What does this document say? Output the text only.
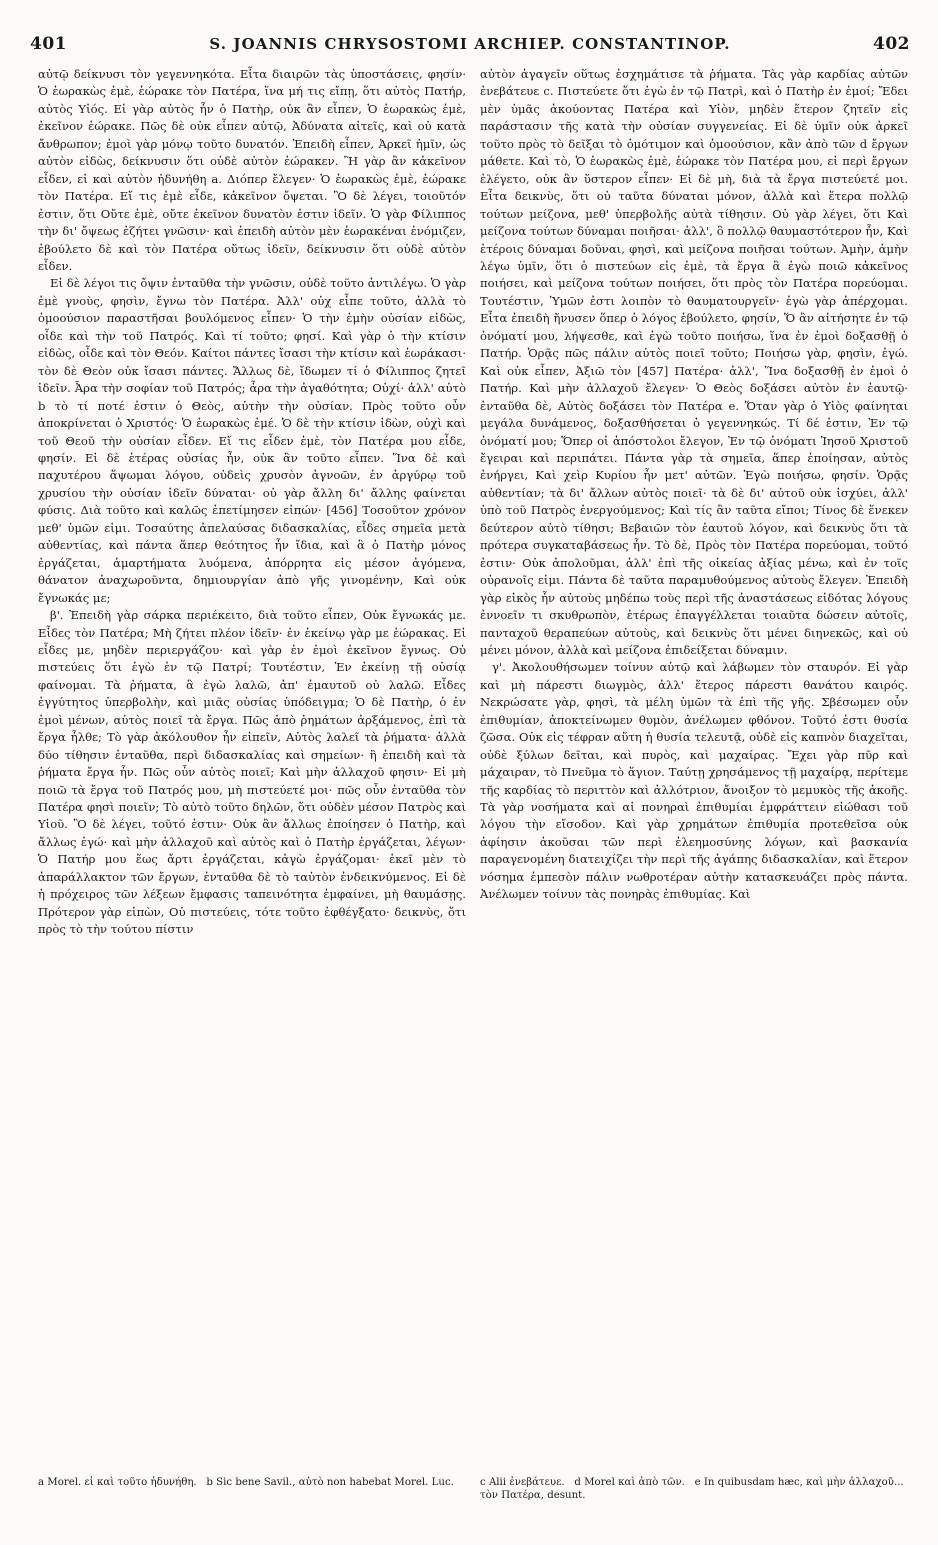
401	S. JOANNIS CHRYSOSTOMI ARCHIEP. CONSTANTINOP.	402

αὐτῷ δείκνυσι τὸν γεγεννηκότα. Εἶτα διαιρῶν τὰς ὑποστάσεις, φησίν· Ὁ ἑωρακὼς ἐμὲ, ἑώρακε τὸν Πατέρα, ἵνα μή τις εἴπῃ, ὅτι αὐτὸς Πατήρ, αὐτὸς Υἱός. Εἰ γὰρ αὐτὸς ἦν ὁ Πατὴρ, οὐκ ἂν εἶπεν, Ὁ ἑωρακὼς ἐμὲ, ἐκεῖνον ἑώρακε. Πῶς δὲ οὐκ εἶπεν αὐτῷ, Ἀδύνατα αἰτεῖς, καὶ οὐ κατὰ ἄνθρωπον; ἐμοὶ γὰρ μόνῳ τοῦτο δυνατόν. Ἐπειδὴ εἶπεν, Ἀρκεῖ ἡμῖν, ὡς αὐτὸν εἰδὼς, δείκνυσιν ὅτι οὐδὲ αὐτὸν ἑώρακεν. Ἢ γὰρ ἂν κἀκεῖνον εἶδεν, εἰ καὶ αὐτὸν ἠδυνήθη a. Διόπερ ἔλεγεν· Ὁ ἑωρακὼς ἐμὲ, ἑώρακε τὸν Πατέρα. Εἴ τις ἐμὲ εἶδε, κἀκεῖνον ὄψεται. Ὃ δὲ λέγει, τοιοῦτόν ἐστιν, ὅτι Οὔτε ἐμὲ, οὔτε ἐκεῖνον δυνατὸν ἐστιν ἰδεῖν. Ὁ γὰρ Φίλιππος τὴν δι' ὄψεως ἐζήτει γνῶσιν· καὶ ἐπειδὴ αὐτὸν μὲν ἑωρακέναι ἐνόμιζεν, ἐβούλετο δὲ καὶ τὸν Πατέρα οὕτως ἰδεῖν, δείκνυσιν ὅτι οὐδὲ αὐτὸν εἶδεν.

Εἰ δὲ λέγοι τις ὄψιν ἐνταῦθα τὴν γνῶσιν, οὐδὲ τοῦτο ἀντιλέγω. Ὁ γὰρ ἐμὲ γνοὺς, φησὶν, ἔγνω τὸν Πατέρα. Ἀλλ' οὐχ εἶπε τοῦτο, ἀλλὰ τὸ ὁμοούσιον παραστῆσαι βουλόμενος εἶπεν· Ὁ τὴν ἐμὴν οὐσίαν εἰδὼς, οἶδε καὶ τὴν τοῦ Πατρός. Καὶ τί τοῦτο; φησί. Καὶ γὰρ ὁ τὴν κτίσιν εἰδὼς, οἶδε καὶ τὸν Θεόν. Καίτοι πάντες ἴσασι τὴν κτίσιν καὶ ἑωράκασι· τὸν δὲ Θεὸν οὐκ ἴσασι πάντες. Ἄλλως δὲ, ἴδωμεν τί ὁ Φίλιππος ζητεῖ ἰδεῖν. Ἆρα τὴν σοφίαν τοῦ Πατρός; ἆρα τὴν ἀγαθότητα; Οὐχί· ἀλλ' αὐτὸ b τὸ τί ποτέ ἐστιν ὁ Θεὸς, αὐτὴν τὴν οὐσίαν. Πρὸς τοῦτο οὖν ἀποκρίνεται ὁ Χριστός· Ὁ ἑωρακὼς ἐμέ. Ὁ δὲ τὴν κτίσιν ἰδὼν, οὐχὶ καὶ τοῦ Θεοῦ τὴν οὐσίαν εἶδεν. Εἴ τις εἶδεν ἐμὲ, τὸν Πατέρα μου εἶδε, φησίν. Εἰ δὲ ἑτέρας οὐσίας ἦν, οὐκ ἂν τοῦτο εἶπεν. Ἵνα δὲ καὶ παχυτέρου ἅψωμαι λόγου, οὐδεὶς χρυσὸν ἀγνοῶν, ἐν ἀργύρῳ τοῦ χρυσίου τὴν οὐσίαν ἰδεῖν δύναται· οὐ γὰρ ἄλλη δι' ἄλλης φαίνεται φύσις. Διὰ τοῦτο καὶ καλῶς ἐπετίμησεν εἰπών· [456] Τοσοῦτον χρόνον μεθ' ὑμῶν εἰμι. Τοσαύτης ἀπελαύσας διδασκαλίας, εἶδες σημεῖα μετὰ αὐθεντίας, καὶ πάντα ἅπερ θεότητος ἦν ἴδια, καὶ ἃ ὁ Πατὴρ μόνος ἐργάζεται, ἁμαρτήματα λυόμενα, ἀπόρρητα εἰς μέσον ἀγόμενα, θάνατον ἀναχωροῦντα, δημιουργίαν ἀπὸ γῆς γινομένην, Καὶ οὐκ ἔγνωκάς με;

β'. Ἐπειδὴ γὰρ σάρκα περιέκειτο, διὰ τοῦτο εἶπεν, Οὐκ ἔγνωκάς με. Εἶδες τὸν Πατέρα; Μὴ ζήτει πλέον ἰδεῖν· ἐν ἐκείνῳ γὰρ με ἑώρακας. Εἰ εἶδες με, μηδὲν περιεργάζου· καὶ γὰρ ἐν ἐμοὶ ἐκεῖνον ἔγνως. Οὐ πιστεύεις ὅτι ἐγὼ ἐν τῷ Πατρί; Τουτέστιν, Ἐν ἐκείνῃ τῇ οὐσίᾳ φαίνομαι. Τὰ ῥήματα, ἃ ἐγὼ λαλῶ, ἀπ' ἐμαυτοῦ οὐ λαλῶ. Εἶδες ἐγγύτητος ὑπερβολὴν, καὶ μιᾶς οὐσίας ὑπόδειγμα; Ὁ δὲ Πατὴρ, ὁ ἐν ἐμοὶ μένων, αὐτὸς ποιεῖ τὰ ἔργα. Πῶς ἀπὸ ῥημάτων ἀρξάμενος, ἐπὶ τὰ ἔργα ἦλθε; Τὸ γὰρ ἀκόλουθον ἦν εἰπεῖν, Αὐτὸς λαλεῖ τὰ ῥήματα· ἀλλὰ δύο τίθησιν ἐνταῦθα, περὶ διδασκαλίας καὶ σημείων· ἢ ἐπειδὴ καὶ τὰ ῥήματα ἔργα ἦν. Πῶς οὖν αὐτὸς ποιεῖ; Καὶ μὴν ἀλλαχοῦ φησιν· Εἰ μὴ ποιῶ τὰ ἔργα τοῦ Πατρός μου, μὴ πιστεύετέ μοι· πῶς οὖν ἐνταῦθα τὸν Πατέρα φησὶ ποιεῖν; Τὸ αὐτὸ τοῦτο δηλῶν, ὅτι οὐδὲν μέσον Πατρὸς καὶ Υἱοῦ. Ὃ δὲ λέγει, τοῦτό ἐστιν· Οὐκ ἂν ἄλλως ἐποίησεν ὁ Πατὴρ, καὶ ἄλλως ἐγώ· καὶ μὴν ἀλλαχοῦ καὶ αὐτὸς καὶ ὁ Πατὴρ ἐργάζεται, λέγων· Ὁ Πατήρ μου ἕως ἄρτι ἐργάζεται, κἀγὼ ἐργάζομαι· ἐκεῖ μὲν τὸ ἀπαράλλακτον τῶν ἔργων, ἐνταῦθα δὲ τὸ ταὐτὸν ἐνδεικνύμενος. Εἰ δὲ ἡ πρόχειρος τῶν λέξεων ἔμφασις ταπεινότητα ἐμφαίνει, μὴ θαυμάσῃς. Πρότερον γὰρ εἰπὼν, Οὐ πιστεύεις, τότε τοῦτο ἐφθέγξατο· δεικνὺς, ὅτι πρὸς τὸ τὴν τούτου πίστιν

αὐτὸν ἀγαγεῖν οὕτως ἐσχημάτισε τὰ ῥήματα. Τὰς γὰρ καρδίας αὐτῶν ἐνεβάτευε c. Πιστεύετε ὅτι ἐγὼ ἐν τῷ Πατρὶ, καὶ ὁ Πατὴρ ἐν ἐμοί; Ἔδει μὲν ὑμᾶς ἀκούοντας Πατέρα καὶ Υἱὸν, μηδὲν ἕτερον ζητεῖν εἰς παράστασιν τῆς κατὰ τὴν οὐσίαν συγγενείας. Εἰ δὲ ὑμῖν οὐκ ἀρκεῖ τοῦτο πρὸς τὸ δεῖξαι τὸ ὁμότιμον καὶ ὁμοούσιον, κἂν ἀπὸ τῶν d ἔργων μάθετε. Καὶ τὸ, Ὁ ἑωρακὼς ἐμὲ, ἑώρακε τὸν Πατέρα μου, εἰ περὶ ἔργων ἐλέγετο, οὐκ ἂν ὕστερον εἶπεν· Εἰ δὲ μὴ, διὰ τὰ ἔργα πιστεύετέ μοι. Εἶτα δεικνὺς, ὅτι οὐ ταῦτα δύναται μόνον, ἀλλὰ καὶ ἕτερα πολλῷ τούτων μείζονα, μεθ' ὑπερβολῆς αὐτὰ τίθησιν. Οὐ γὰρ λέγει, ὅτι Καὶ μείζονα τούτων δύναμαι ποιῆσαι· ἀλλ', ὃ πολλῷ θαυμαστότερον ἦν, Καὶ ἑτέροις δύναμαι δοῦναι, φησὶ, καὶ μείζονα ποιῆσαι τούτων. Ἀμὴν, ἀμὴν λέγω ὑμῖν, ὅτι ὁ πιστεύων εἰς ἐμὲ, τὰ ἔργα ἃ ἐγὼ ποιῶ κἀκεῖνος ποιήσει, καὶ μείζονα τούτων ποιήσει, ὅτι πρὸς τὸν Πατέρα πορεύομαι. Τουτέστιν, Ὑμῶν ἐστι λοιπὸν τὸ θαυματουργεῖν· ἐγὼ γὰρ ἀπέρχομαι. Εἶτα ἐπειδὴ ἤνυσεν ὅπερ ὁ λόγος ἐβούλετο, φησίν, Ὅ ἂν αἰτήσητε ἐν τῷ ὀνόματί μου, λήψεσθε, καὶ ἐγὼ τοῦτο ποιήσω, ἵνα ἐν ἐμοὶ δοξασθῇ ὁ Πατήρ. Ὁρᾷς πῶς πάλιν αὐτὸς ποιεῖ τοῦτο; Ποιήσω γὰρ, φησὶν, ἐγώ. Καὶ οὐκ εἶπεν, Ἀξιῶ τὸν [457] Πατέρα· ἀλλ', Ἵνα δοξασθῇ ἐν ἐμοὶ ὁ Πατήρ. Καὶ μὴν ἀλλαχοῦ ἔλεγεν· Ὁ Θεὸς δοξάσει αὐτὸν ἐν ἑαυτῷ· ἐνταῦθα δὲ, Αὐτὸς δοξάσει τὸν Πατέρα e. Ὅταν γὰρ ὁ Υἱὸς φαίνηται μεγάλα δυνάμενος, δοξασθήσεται ὁ γεγεννηκώς. Τί δέ ἐστιν, Ἐν τῷ ὀνόματί μου; Ὅπερ οἱ ἀπόστολοι ἔλεγον, Ἐν τῷ ὀνόματι Ἰησοῦ Χριστοῦ ἔγειραι καὶ περιπάτει. Πάντα γὰρ τὰ σημεῖα, ἅπερ ἐποίησαν, αὐτὸς ἐνήργει, Καὶ χεὶρ Κυρίου ἦν μετ' αὐτῶν. Ἐγὼ ποιήσω, φησίν. Ὁρᾷς αὐθεντίαν; τὰ δι' ἄλλων αὐτὸς ποιεῖ· τὰ δὲ δι' αὐτοῦ οὐκ ἰσχύει, ἀλλ' ὑπὸ τοῦ Πατρὸς ἐνεργούμενος; Καὶ τίς ἂν ταῦτα εἴποι; Τίνος δὲ ἕνεκεν δεύτερον αὐτὸ τίθησι; Βεβαιῶν τὸν ἑαυτοῦ λόγον, καὶ δεικνὺς ὅτι τὰ πρότερα συγκαταβάσεως ἦν. Τὸ δὲ, Πρὸς τὸν Πατέρα πορεύομαι, τοῦτό ἐστιν· Οὐκ ἀπολοῦμαι, ἀλλ' ἐπὶ τῆς οἰκείας ἀξίας μένω, καὶ ἐν τοῖς οὐρανοῖς εἰμι. Πάντα δὲ ταῦτα παραμυθούμενος αὐτοὺς ἔλεγεν. Ἐπειδὴ γὰρ εἰκὸς ἦν αὐτοὺς μηδέπω τοὺς περὶ τῆς ἀναστάσεως εἰδότας λόγους ἐννοεῖν τι σκυθρωπὸν, ἑτέρως ἐπαγγέλλεται τοιαῦτα δώσειν αὐτοῖς, πανταχοῦ θεραπεύων αὐτοὺς, καὶ δεικνὺς ὅτι μένει διηνεκῶς, καὶ οὐ μένει μόνον, ἀλλὰ καὶ μείζονα ἐπιδείξεται δύναμιν.

γ'. Ἀκολουθήσωμεν τοίνυν αὐτῷ καὶ λάβωμεν τὸν σταυρόν. Εἰ γὰρ καὶ μὴ πάρεστι διωγμὸς, ἀλλ' ἕτερος πάρεστι θανάτου καιρός. Νεκρώσατε γὰρ, φησὶ, τὰ μέλη ὑμῶν τὰ ἐπὶ τῆς γῆς. Σβέσωμεν οὖν ἐπιθυμίαν, ἀποκτείνωμεν θυμὸν, ἀνέλωμεν φθόνον. Τοῦτό ἐστι θυσία ζῶσα. Οὐκ εἰς τέφραν αὕτη ἡ θυσία τελευτᾷ, οὐδὲ εἰς καπνὸν διαχεῖται, οὐδὲ ξύλων δεῖται, καὶ πυρὸς, καὶ μαχαίρας. Ἔχει γὰρ πῦρ καὶ μάχαιραν, τὸ Πνεῦμα τὸ ἅγιον. Ταύτῃ χρησάμενος τῇ μαχαίρᾳ, περίτεμε τῆς καρδίας τὸ περιττὸν καὶ ἀλλότριον, ἄνοιξον τὸ μεμυκὸς τῆς ἀκοῆς. Τὰ γὰρ νοσήματα καὶ αἱ πονηραὶ ἐπιθυμίαι ἐμφράττειν εἰώθασι τοῦ λόγου τὴν εἴσοδον. Καὶ γὰρ χρημάτων ἐπιθυμία προτεθεῖσα οὐκ ἀφίησιν ἀκοῦσαι τῶν περὶ ἐλεημοσύνης λόγων, καὶ βασκανία παραγενομένη διατειχίζει τὴν περὶ τῆς ἀγάπης διδασκαλίαν, καὶ ἕτερον νόσημα ἐμπεσὸν πάλιν νωθροτέραν αὐτὴν κατασκευάζει πρὸς πάντα. Ἀνέλωμεν τοίνυν τὰς πονηρὰς ἐπιθυμίας. Καὶ

a Morel. εἰ καὶ τοῦτο ἠδυνήθη.   b Sic bene Savil., αὐτὸ non habebat Morel. Luc.	c Alii ἐνεβάτευε.   d Morel καὶ ἀπὸ τῶν.   e In quibusdam hæc, καὶ μὴν ἀλλαχοῦ... τὸν Πατέρα, desunt.
